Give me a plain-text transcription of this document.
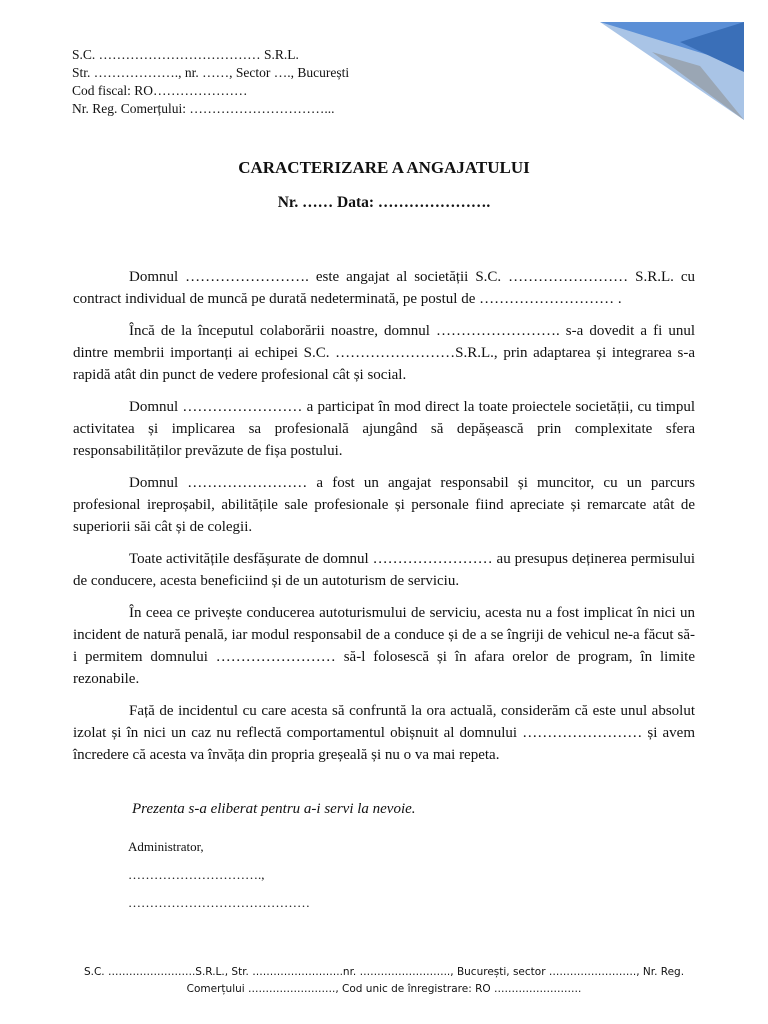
S.C. ……………………………… S.R.L.
Str. ………………., nr. ……, Sector …., București
Cod fiscal: RO…………………
Nr. Reg. Comerțului: …………………………...
CARACTERIZARE A ANGAJATULUI
Nr. …… Data: ………………….

Domnul ……………………. este angajat al societății S.C. …………………… S.R.L. cu contract individual de muncă pe durată nedeterminată, pe postul de ……………………… .

Încă de la începutul colaborării noastre, domnul ……………………. s-a dovedit a fi unul dintre membrii importanți ai echipei S.C. ……………………S.R.L., prin adaptarea și integrarea s-a rapidă atât din punct de vedere profesional cât și social.

Domnul …………………… a participat în mod direct la toate proiectele societății, cu timpul activitatea și implicarea sa profesională ajungând să depășească prin complexitate sfera responsabilităților prevăzute de fișa postului.

Domnul …………………… a fost un angajat responsabil și muncitor, cu un parcurs profesional ireproșabil, abilitățile sale profesionale și personale fiind apreciate și remarcate atât de superiorii săi cât și de colegii.

Toate activitățile desfășurate de domnul …………………… au presupus deținerea permisului de conducere, acesta beneficiind și de un autoturism de serviciu.

În ceea ce privește conducerea autoturismului de serviciu, acesta nu a fost implicat în nici un incident de natură penală, iar modul responsabil de a conduce și de a se îngriji de vehicul ne-a făcut să-i permitem domnului …………………… să-l folosescă și în afara orelor de program, în limite rezonabile.

Față de incidentul cu care acesta să confruntă la ora actuală, considerăm că este unul absolut izolat și în nici un caz nu reflectă comportamentul obișnuit al domnului …………………… și avem încredere că acesta va învăța din propria greșeală și nu o va mai repeta.

Prezenta s-a eliberat pentru a-i servi la nevoie.
Administrator,
………………………….,
……………………………………
S.C. …………………….S.R.L., Str. ……………………..nr. …………………….., București, sector ……………………., Nr. Reg.
Comerțului ……………………., Cod unic de înregistrare: RO …………………….
